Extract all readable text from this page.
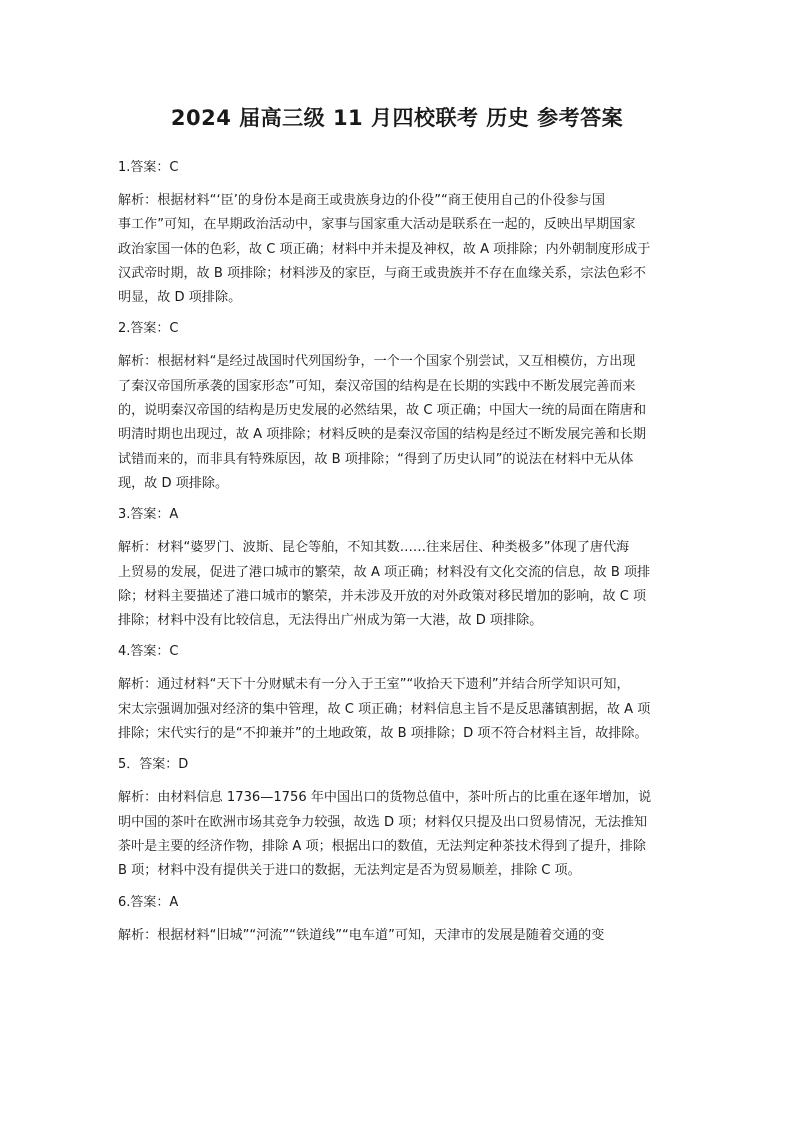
2024 届高三级 11 月四校联考 历史 参考答案
1.答案：C
解析：根据材料“‘臣’的身份本是商王或贵族身边的仆役”“商王使用自己的仆役参与国
事工作”可知，在早期政治活动中，家事与国家重大活动是联系在一起的，反映出早期国家
政治家国一体的色彩，故 C 项正确；材料中并未提及神权，故 A 项排除；内外朝制度形成于
汉武帝时期，故 B 项排除；材料涉及的家臣，与商王或贵族并不存在血缘关系，宗法色彩不
明显，故 D 项排除。
2.答案：C
解析：根据材料“是经过战国时代列国纷争，一个一个国家个别尝试，又互相模仿，方出现
了秦汉帝国所承袭的国家形态”可知，秦汉帝国的结构是在长期的实践中不断发展完善而来
的，说明秦汉帝国的结构是历史发展的必然结果，故 C 项正确；中国大一统的局面在隋唐和
明清时期也出现过，故 A 项排除；材料反映的是秦汉帝国的结构是经过不断发展完善和长期
试错而来的，而非具有特殊原因，故 B 项排除；“得到了历史认同”的说法在材料中无从体
现，故 D 项排除。
3.答案：A
解析：材料“婆罗门、波斯、昆仑等舶，不知其数……往来居住、种类极多”体现了唐代海
上贸易的发展，促进了港口城市的繁荣，故 A 项正确；材料没有文化交流的信息，故 B 项排
除；材料主要描述了港口城市的繁荣，并未涉及开放的对外政策对移民增加的影响，故 C 项
排除；材料中没有比较信息，无法得出广州成为第一大港，故 D 项排除。
4.答案：C
解析：通过材料“天下十分财赋未有一分入于王室”“收拾天下遗利”并结合所学知识可知，
宋太宗强调加强对经济的集中管理，故 C 项正确；材料信息主旨不是反思藩镇割据，故 A 项
排除；宋代实行的是“不抑兼并”的土地政策，故 B 项排除；D 项不符合材料主旨，故排除。
5．答案：D
解析：由材料信息 1736—1756 年中国出口的货物总值中，茶叶所占的比重在逐年增加，说
明中国的茶叶在欧洲市场其竞争力较强，故选 D 项；材料仅只提及出口贸易情况，无法推知
茶叶是主要的经济作物，排除 A 项；根据出口的数值，无法判定种茶技术得到了提升，排除
B 项；材料中没有提供关于进口的数据，无法判定是否为贸易顺差，排除 C 项。
6.答案：A
解析：根据材料“旧城”“河流”“铁道线”“电车道”可知，天津市的发展是随着交通的变
